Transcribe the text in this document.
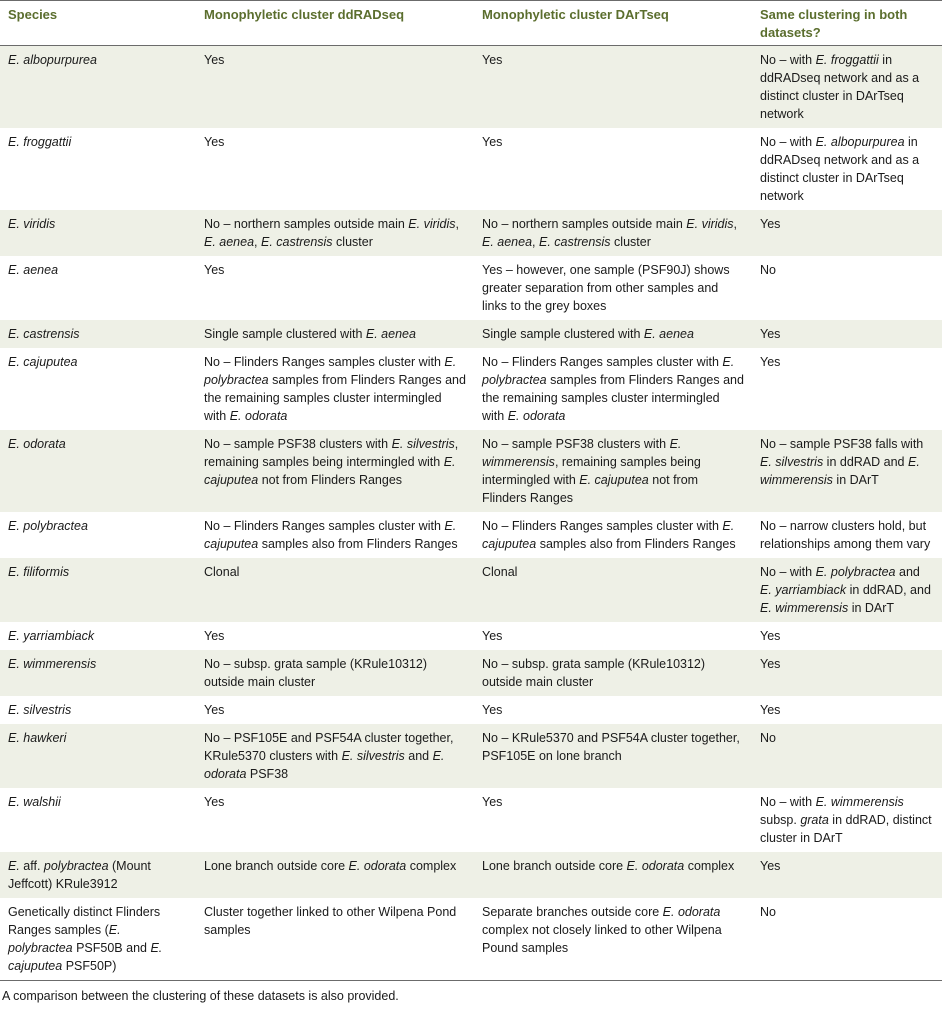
Species	Monophyletic cluster ddRADseq	Monophyletic cluster DArTseq	Same clustering in both datasets?
E. albopurpurea	Yes	Yes	No – with E. froggattii in ddRADseq network and as a distinct cluster in DArTseq network
E. froggattii	Yes	Yes	No – with E. albopurpurea in ddRADseq network and as a distinct cluster in DArTseq network
E. viridis	No – northern samples outside main E. viridis, E. aenea, E. castrensis cluster	No – northern samples outside main E. viridis, E. aenea, E. castrensis cluster	Yes
E. aenea	Yes	Yes – however, one sample (PSF90J) shows greater separation from other samples and links to the grey boxes	No
E. castrensis	Single sample clustered with E. aenea	Single sample clustered with E. aenea	Yes
E. cajuputea	No – Flinders Ranges samples cluster with E. polybractea samples from Flinders Ranges and the remaining samples cluster intermingled with E. odorata	No – Flinders Ranges samples cluster with E. polybractea samples from Flinders Ranges and the remaining samples cluster intermingled with E. odorata	Yes
E. odorata	No – sample PSF38 clusters with E. silvestris, remaining samples being intermingled with E. cajuputea not from Flinders Ranges	No – sample PSF38 clusters with E. wimmerensis, remaining samples being intermingled with E. cajuputea not from Flinders Ranges	No – sample PSF38 falls with E. silvestris in ddRAD and E. wimmerensis in DArT
E. polybractea	No – Flinders Ranges samples cluster with E. cajuputea samples also from Flinders Ranges	No – Flinders Ranges samples cluster with E. cajuputea samples also from Flinders Ranges	No – narrow clusters hold, but relationships among them vary
E. filiformis	Clonal	Clonal	No – with E. polybractea and E. yarriambiack in ddRAD, and E. wimmerensis in DArT
E. yarriambiack	Yes	Yes	Yes
E. wimmerensis	No – subsp. grata sample (KRule10312) outside main cluster	No – subsp. grata sample (KRule10312) outside main cluster	Yes
E. silvestris	Yes	Yes	Yes
E. hawkeri	No – PSF105E and PSF54A cluster together, KRule5370 clusters with E. silvestris and E. odorata PSF38	No – KRule5370 and PSF54A cluster together, PSF105E on lone branch	No
E. walshii	Yes	Yes	No – with E. wimmerensis subsp. grata in ddRAD, distinct cluster in DArT
E. aff. polybractea (Mount Jeffcott) KRule3912	Lone branch outside core E. odorata complex	Lone branch outside core E. odorata complex	Yes
Genetically distinct Flinders Ranges samples (E. polybractea PSF50B and E. cajuputea PSF50P)	Cluster together linked to other Wilpena Pond samples	Separate branches outside core E. odorata complex not closely linked to other Wilpena Pound samples	No
A comparison between the clustering of these datasets is also provided.
